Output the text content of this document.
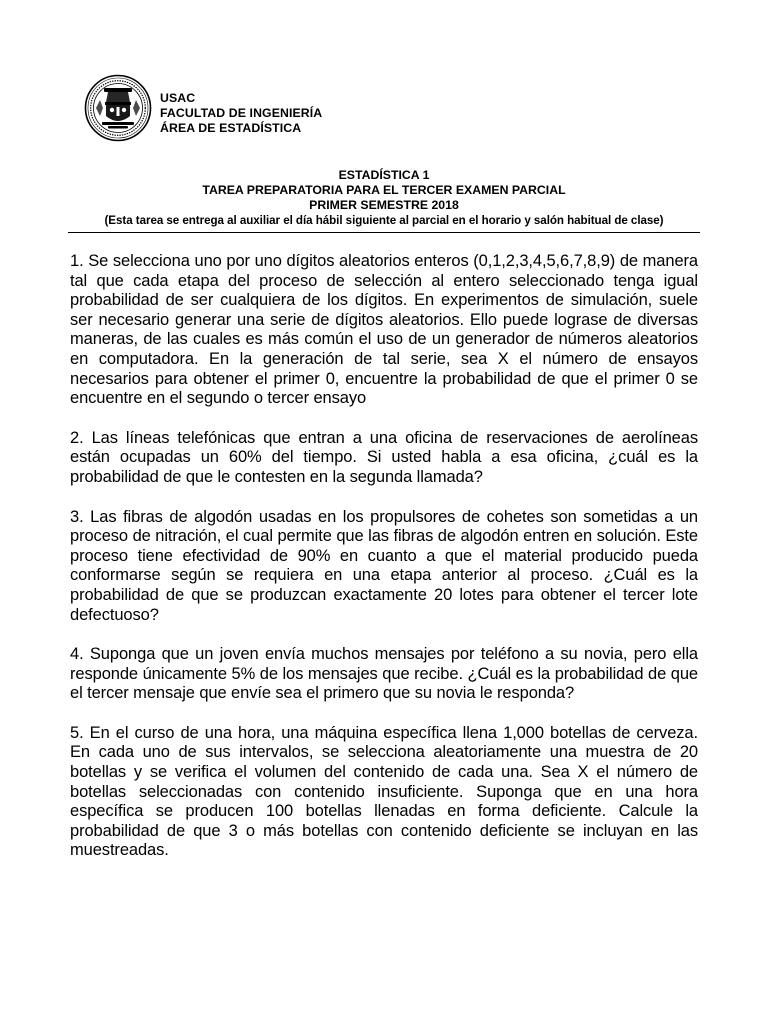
USAC
FACULTAD DE INGENIERÍA
ÁREA DE ESTADÍSTICA
ESTADÍSTICA 1
TAREA PREPARATORIA PARA EL TERCER EXAMEN PARCIAL
PRIMER SEMESTRE 2018
(Esta tarea se entrega al auxiliar el día hábil siguiente al parcial en el horario y salón habitual de clase)

1. Se selecciona uno por uno dígitos aleatorios enteros (0,1,2,3,4,5,6,7,8,9) de manera tal que cada etapa del proceso de selección al entero seleccionado tenga igual probabilidad de ser cualquiera de los dígitos. En experimentos de simulación, suele ser necesario generar una serie de dígitos aleatorios. Ello puede lograse de diversas maneras, de las cuales es más común el uso de un generador de números aleatorios en computadora. En la generación de tal serie, sea X el número de ensayos necesarios para obtener el primer 0, encuentre la probabilidad de que el primer 0 se encuentre en el segundo o tercer ensayo

2. Las líneas telefónicas que entran a una oficina de reservaciones de aerolíneas están ocupadas un 60% del tiempo. Si usted habla a esa oficina, ¿cuál es la probabilidad de que le contesten en la segunda llamada?

3. Las fibras de algodón usadas en los propulsores de cohetes son sometidas a un proceso de nitración, el cual permite que las fibras de algodón entren en solución. Este proceso tiene efectividad de 90% en cuanto a que el material producido pueda conformarse según se requiera en una etapa anterior al proceso. ¿Cuál es la probabilidad de que se produzcan exactamente 20 lotes para obtener el tercer lote defectuoso?

4. Suponga que un joven envía muchos mensajes por teléfono a su novia, pero ella responde únicamente 5% de los mensajes que recibe. ¿Cuál es la probabilidad de que el tercer mensaje que envíe sea el primero que su novia le responda?

5. En el curso de una hora, una máquina específica llena 1,000 botellas de cerveza. En cada uno de sus intervalos, se selecciona aleatoriamente una muestra de 20 botellas y se verifica el volumen del contenido de cada una. Sea X el número de botellas seleccionadas con contenido insuficiente. Suponga que en una hora específica se producen 100 botellas llenadas en forma deficiente. Calcule la probabilidad de que 3 o más botellas con contenido deficiente se incluyan en las muestreadas.
